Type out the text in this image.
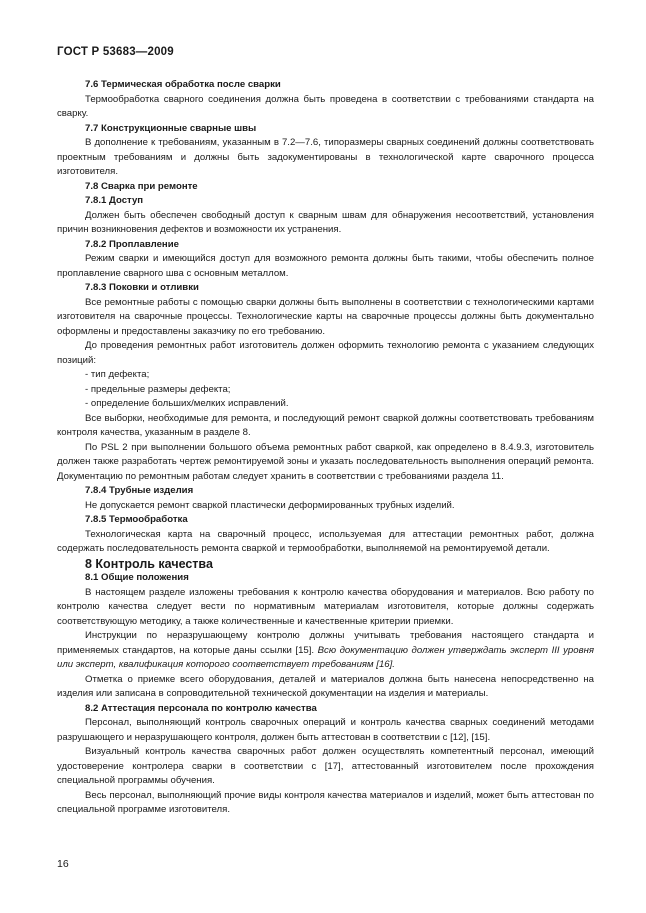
ГОСТ Р 53683—2009

7.6 Термическая обработка после сварки

Термообработка сварного соединения должна быть проведена в соответствии с требованиями стандарта на сварку.

7.7 Конструкционные сварные швы

В дополнение к требованиям, указанным в 7.2—7.6, типоразмеры сварных соединений должны соответствовать проектным требованиям и должны быть задокументированы в технологической карте сварочного процесса изготовителя.

7.8 Сварка при ремонте

7.8.1 Доступ

Должен быть обеспечен свободный доступ к сварным швам для обнаружения несоответствий, установления причин возникновения дефектов и возможности их устранения.

7.8.2 Проплавление

Режим сварки и имеющийся доступ для возможного ремонта должны быть такими, чтобы обеспечить полное проплавление сварного шва с основным металлом.

7.8.3 Поковки и отливки

Все ремонтные работы с помощью сварки должны быть выполнены в соответствии с технологическими картами изготовителя на сварочные процессы. Технологические карты на сварочные процессы должны быть документально оформлены и предоставлены заказчику по его требованию.

До проведения ремонтных работ изготовитель должен оформить технологию ремонта с указанием следующих позиций:

- тип дефекта;

- предельные размеры дефекта;

- определение больших/мелких исправлений.

Все выборки, необходимые для ремонта, и последующий ремонт сваркой должны соответствовать требованиям контроля качества, указанным в разделе 8.

По PSL 2 при выполнении большого объема ремонтных работ сваркой, как определено в 8.4.9.3, изготовитель должен также разработать чертеж ремонтируемой зоны и указать последовательность выполнения операций ремонта. Документацию по ремонтным работам следует хранить в соответствии с требованиями раздела 11.

7.8.4 Трубные изделия

Не допускается ремонт сваркой пластически деформированных трубных изделий.

7.8.5 Термообработка

Технологическая карта на сварочный процесс, используемая для аттестации ремонтных работ, должна содержать последовательность ремонта сваркой и термообработки, выполняемой на ремонтируемой детали.

8 Контроль качества

8.1 Общие положения

В настоящем разделе изложены требования к контролю качества оборудования и материалов. Всю работу по контролю качества следует вести по нормативным материалам изготовителя, которые должны содержать соответствующую методику, а также количественные и качественные критерии приемки.

Инструкции по неразрушающему контролю должны учитывать требования настоящего стандарта и применяемых стандартов, на которые даны ссылки [15]. Всю документацию должен утверждать эксперт III уровня или эксперт, квалификация которого соответствует требованиям [16].

Отметка о приемке всего оборудования, деталей и материалов должна быть нанесена непосредственно на изделия или записана в сопроводительной технической документации на изделия и материалы.

8.2 Аттестация персонала по контролю качества

Персонал, выполняющий контроль сварочных операций и контроль качества сварных соединений методами разрушающего и неразрушающего контроля, должен быть аттестован в соответствии с [12], [15].

Визуальный контроль качества сварочных работ должен осуществлять компетентный персонал, имеющий удостоверение контролера сварки в соответствии с [17], аттестованный изготовителем после прохождения специальной программы обучения.

Весь персонал, выполняющий прочие виды контроля качества материалов и изделий, может быть аттестован по специальной программе изготовителя.

16
